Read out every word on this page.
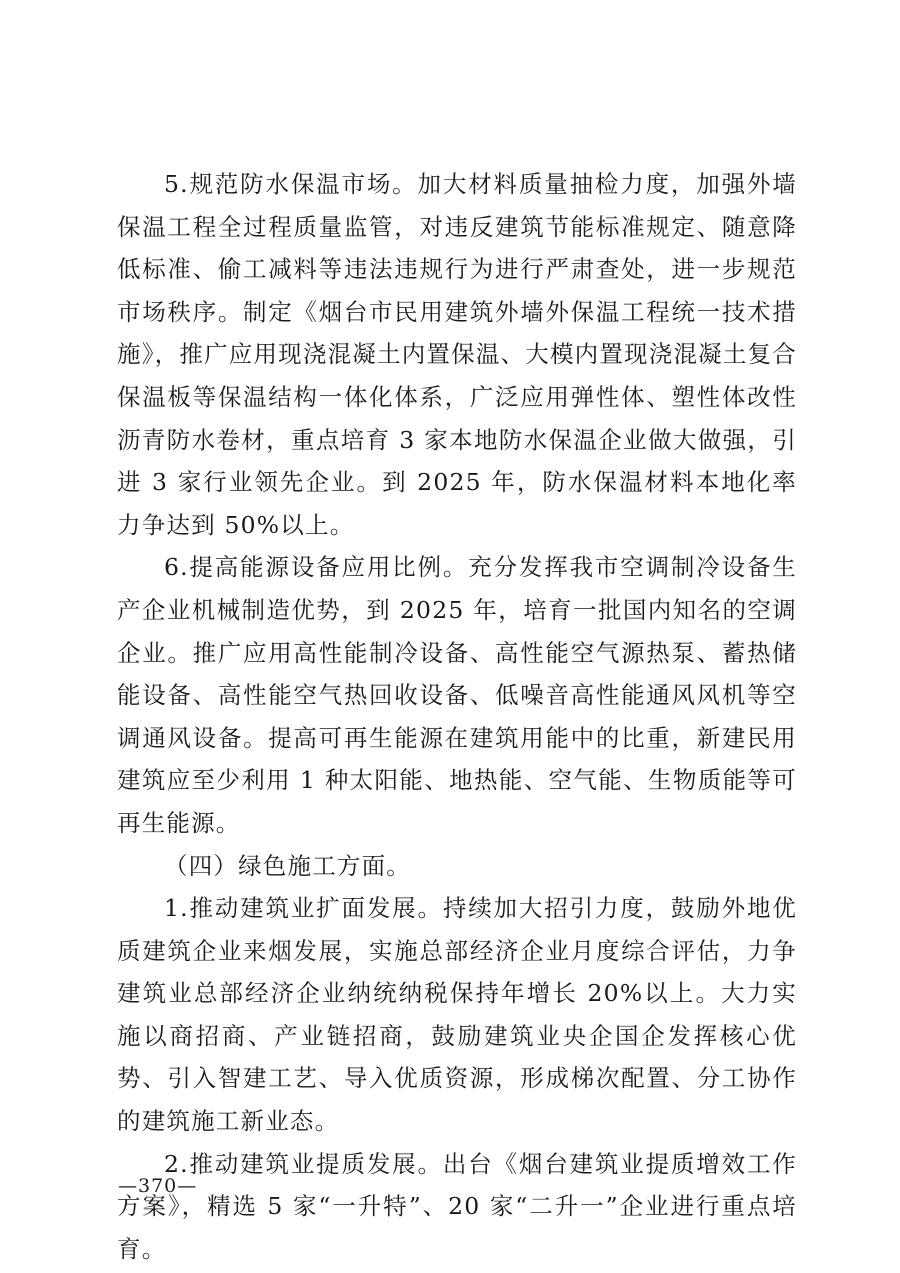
5.规范防水保温市场。加大材料质量抽检力度，加强外墙保温工程全过程质量监管，对违反建筑节能标准规定、随意降低标准、偷工减料等违法违规行为进行严肃查处，进一步规范市场秩序。制定《烟台市民用建筑外墙外保温工程统一技术措施》，推广应用现浇混凝土内置保温、大模内置现浇混凝土复合保温板等保温结构一体化体系，广泛应用弹性体、塑性体改性沥青防水卷材，重点培育 3 家本地防水保温企业做大做强，引进 3 家行业领先企业。到 2025 年，防水保温材料本地化率力争达到 50%以上。

6.提高能源设备应用比例。充分发挥我市空调制冷设备生产企业机械制造优势，到 2025 年，培育一批国内知名的空调企业。推广应用高性能制冷设备、高性能空气源热泵、蓄热储能设备、高性能空气热回收设备、低噪音高性能通风风机等空调通风设备。提高可再生能源在建筑用能中的比重，新建民用建筑应至少利用 1 种太阳能、地热能、空气能、生物质能等可再生能源。

（四）绿色施工方面。

1.推动建筑业扩面发展。持续加大招引力度，鼓励外地优质建筑企业来烟发展，实施总部经济企业月度综合评估，力争建筑业总部经济企业纳统纳税保持年增长 20%以上。大力实施以商招商、产业链招商，鼓励建筑业央企国企发挥核心优势、引入智建工艺、导入优质资源，形成梯次配置、分工协作的建筑施工新业态。

2.推动建筑业提质发展。出台《烟台建筑业提质增效工作方案》，精选 5 家“一升特”、20 家“二升一”企业进行重点培育。

—370—
